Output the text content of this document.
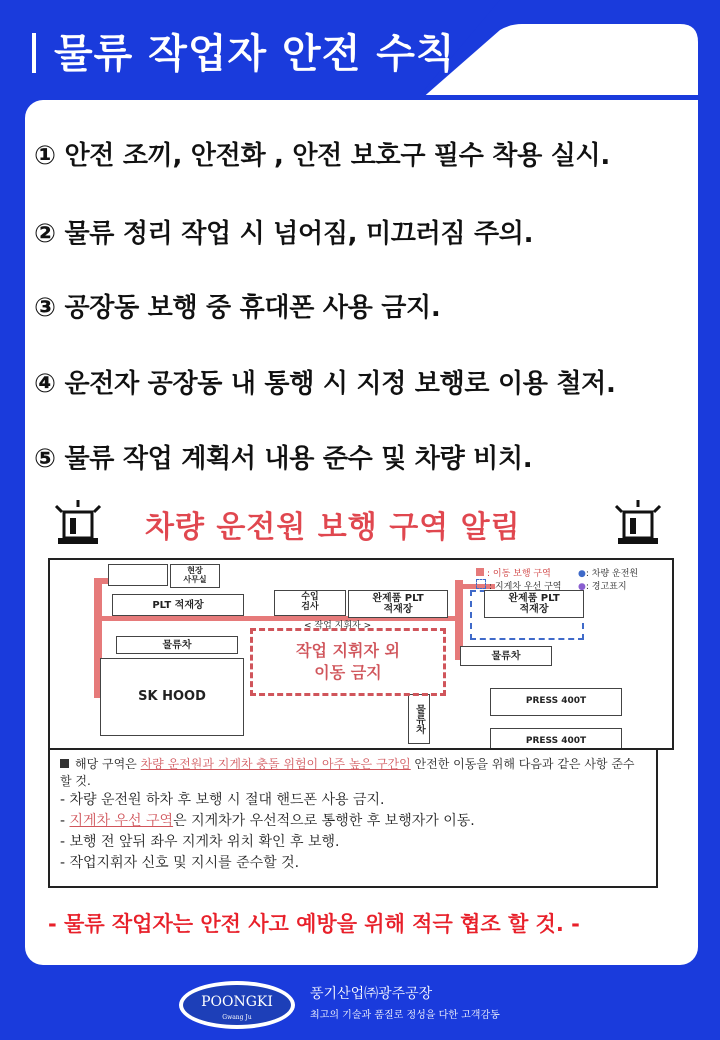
물류 작업자 안전 수칙
① 안전 조끼, 안전화 , 안전 보호구 필수 착용 실시.
② 물류 정리 작업 시 넘어짐, 미끄러짐 주의.
③ 공장동 보행 중 휴대폰 사용 금지.
④ 운전자 공장동 내 통행 시 지정 보행로 이용 철저.
⑤ 물류 작업 계획서 내용 준수 및 차량 비치.
차량 운전원 보행 구역 알림
현장
사무실
PLT 적재장
수입
검사
< 작업 지휘자 >
완제품 PLT
적재장
완제품 PLT
적재장
물류차
물류차
SK HOOD
물류차
PRESS 400T
PRESS 400T
작업 지휘자 외
이동 금지
: 이동 보행 구역	●: 차량 운전원
: 지게차 우선 구역 ●: 경고표지
해당 구역은 차량 운전원과 지게차 충돌 위험이 아주 높은 구간임 안전한 이동을 위해 다음과 같은 사항 준수할 것.
- 차량 운전원 하차 후 보행 시 절대 핸드폰 사용 금지.
- 지게차 우선 구역은 지게차가 우선적으로 통행한 후 보행자가 이동.
- 보행 전 앞뒤 좌우 지게차 위치 확인 후 보행.
- 작업지휘자 신호 및 지시를 준수할 것.
- 물류 작업자는 안전 사고 예방을 위해 적극 협조 할 것. -
POONGKI
Gwang Ju
풍기산업㈜광주공장
최고의 기술과 품질로 정성을 다한 고객감동
